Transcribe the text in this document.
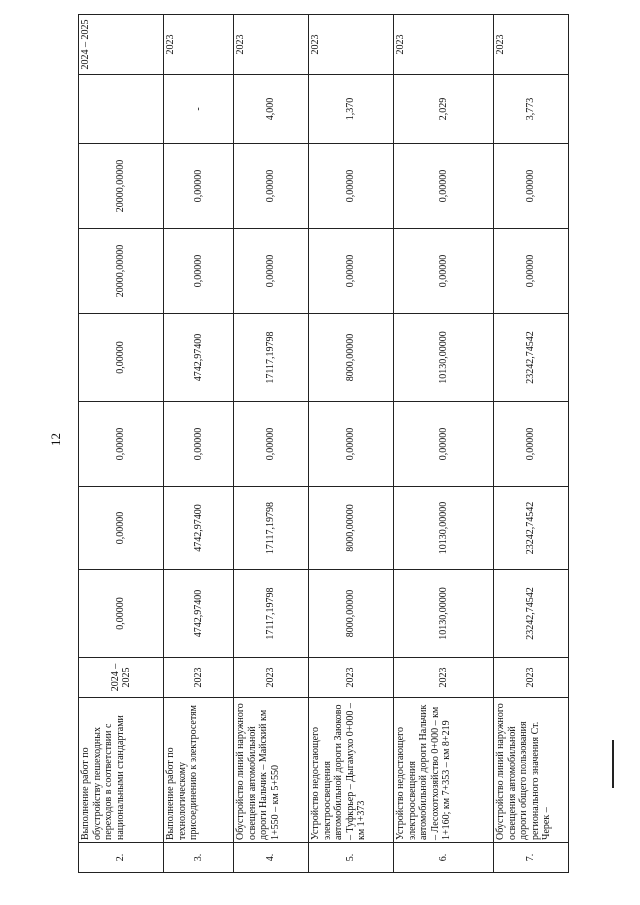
12
2.	Выполнение работ по обустройству пешеходных переходов в соответствии с национальными стандартами	2024 – 2025	0,00000	0,00000	0,00000	0,00000	20000,00000	20000,00000		2024 – 2025
3.	Выполнение работ по технологическому присоединению к электросетям	2023	4742,97400	4742,97400	0,00000	4742,97400	0,00000	0,00000	-	2023
4.	Обустройство линий наружного освещения автомобильной дороги Нальчик – Майский км 1+550 – км 5+550	2023	17117,19798	17117,19798	0,00000	17117,19798	0,00000	0,00000	4,000	2023
5.	Устройство недостающего электроосвещения автомобильной дороги Заюково – Туфкрьер – Дыгамухо 0+000 – км 1+373	2023	8000,00000	8000,00000	0,00000	8000,00000	0,00000	0,00000	1,370	2023
6.	Устройство недостающего электроосвещения автомобильной дороги Нальчик – Лесохотхозяйство 0+000 – км 1+160; км 7+353 – км 8+219	2023	10130,00000	10130,00000	0,00000	10130,00000	0,00000	0,00000	2,029	2023
7.	Обустройство линий наружного освещения автомобильной дороги общего пользования регионального значения Ст. Черек –	2023	23242,74542	23242,74542	0,00000	23242,74542	0,00000	0,00000	3,773	2023
